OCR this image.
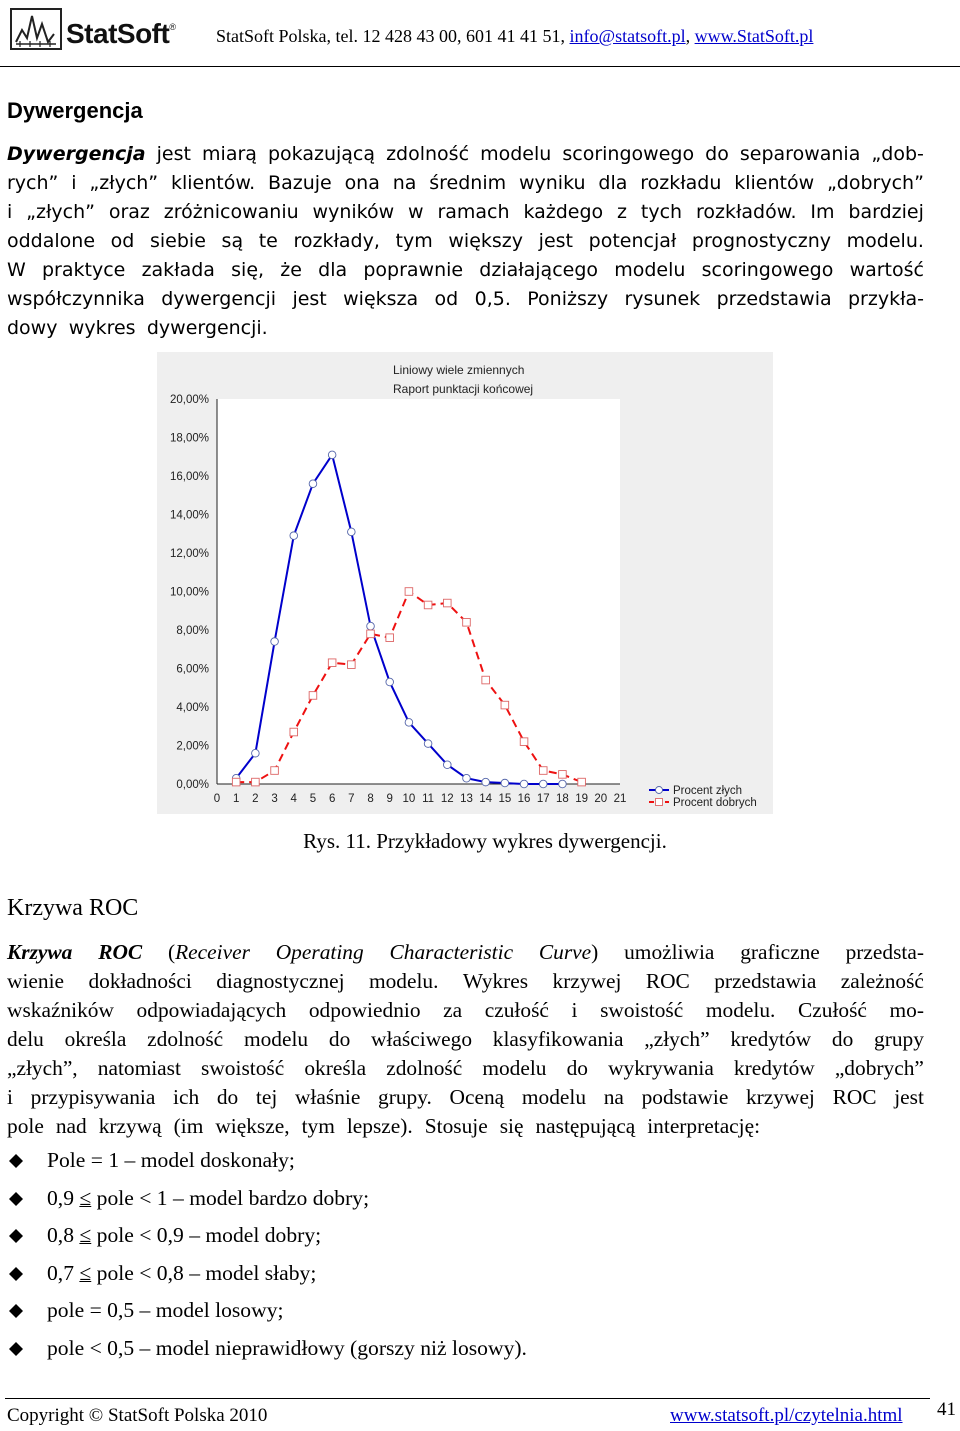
StatSoft® StatSoft Polska, tel. 12 428 43 00, 601 41 41 51, info@statsoft.pl, www.StatSoft.pl
Dywergencja
Dywergencja jest miarą pokazującą zdolność modelu scoringowego do separowania „dob-
rych” i „złych” klientów. Bazuje ona na średnim wyniku dla rozkładu klientów „dobrych”
i „złych” oraz zróżnicowaniu wyników w ramach każdego z tych rozkładów. Im bardziej
oddalone od siebie są te rozkłady, tym większy jest potencjał prognostyczny modelu.
W praktyce zakłada się, że dla poprawnie działającego modelu scoringowego wartość
współczynnika dywergencji jest większa od 0,5. Poniższy rysunek przedstawia przykła-
dowy wykres dywergencji.
Liniowy wiele zmiennych
Raport punktacji końcowej
0,00%
2,00%
4,00%
6,00%
8,00%
10,00%
12,00%
14,00%
16,00%
18,00%
20,00%
0 1 2 3 4 5 6 7 8 9 10 11 12 13 14 15 16 17 18 19 20 21
Procent złych
Procent dobrych
Rys. 11. Przykładowy wykres dywergencji.
Krzywa ROC
Krzywa ROC (Receiver Operating Characteristic Curve) umożliwia graficzne przedsta-
wienie dokładności diagnostycznej modelu. Wykres krzywej ROC przedstawia zależność
wskaźników odpowiadających odpowiednio za czułość i swoistość modelu. Czułość mo-
delu określa zdolność modelu do właściwego klasyfikowania „złych” kredytów do grupy
„złych”, natomiast swoistość określa zdolność modelu do wykrywania kredytów „dobrych”
i przypisywania ich do tej właśnie grupy. Oceną modelu na podstawie krzywej ROC jest
pole nad krzywą (im większe, tym lepsze). Stosuje się następującą interpretację:
Pole = 1 – model doskonały;
0,9 ≤ pole < 1 – model bardzo dobry;
0,8 ≤ pole < 0,9 – model dobry;
0,7 ≤ pole < 0,8 – model słaby;
pole = 0,5 – model losowy;
pole < 0,5 – model nieprawidłowy (gorszy niż losowy).
Copyright © StatSoft Polska 2010	www.statsoft.pl/czytelnia.html 41
